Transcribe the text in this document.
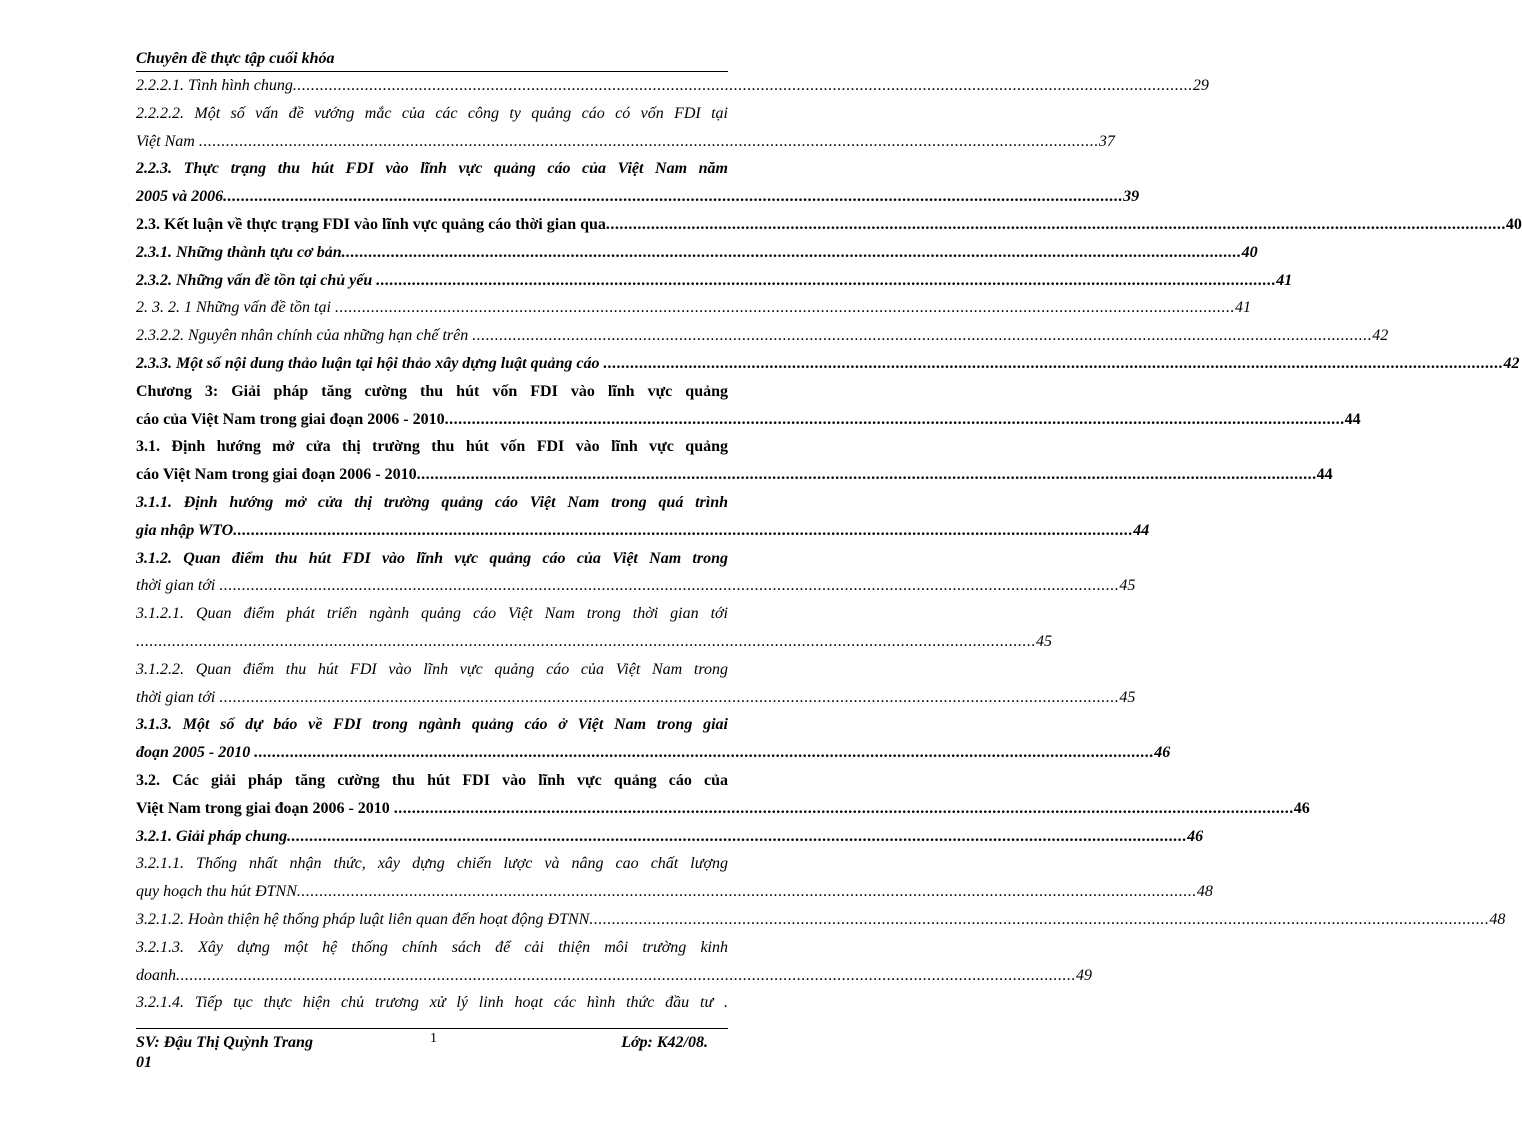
Chuyên đề thực tập cuối khóa
2.2.2.1. Tình hình chung ........................................................................................................................................................................................................ 29
2.2.2.2. Một số vấn đề vướng mắc của các công ty quảng cáo có vốn FDI tại
Việt Nam ........................................................................................................................................................................................................ 37
2.2.3. Thực trạng thu hút FDI vào lĩnh vực quảng cáo của Việt Nam năm
2005 và 2006 ........................................................................................................................................................................................................ 39
2.3. Kết luận về thực trạng FDI vào lĩnh vực quảng cáo thời gian qua ........................................................................................................................................................................................................ 40
2.3.1. Những thành tựu cơ bản ........................................................................................................................................................................................................ 40
2.3.2. Những vấn đề tồn tại chủ yếu ........................................................................................................................................................................................................ 41
2. 3. 2. 1 Những vấn đề tồn tại ........................................................................................................................................................................................................ 41
2.3.2.2. Nguyên nhân chính của những hạn chế trên ........................................................................................................................................................................................................ 42
2.3.3. Một số nội dung thảo luận tại hội thảo xây dựng luật quảng cáo ........................................................................................................................................................................................................ 42
Chương 3: Giải pháp tăng cường thu hút vốn FDI vào lĩnh vực quảng
cáo của Việt Nam trong giai đoạn 2006 - 2010 ........................................................................................................................................................................................................ 44
3.1. Định hướng mở cửa thị trường thu hút vốn FDI vào lĩnh vực quảng
cáo Việt Nam trong giai đoạn 2006 - 2010 ........................................................................................................................................................................................................ 44
3.1.1. Định hướng mở cửa thị trường quảng cáo Việt Nam trong quá trình
gia nhập WTO ........................................................................................................................................................................................................ 44
3.1.2. Quan điểm thu hút FDI vào lĩnh vực quảng cáo của Việt Nam trong
thời gian tới ........................................................................................................................................................................................................ 45
3.1.2.1. Quan điểm phát triển ngành quảng cáo Việt Nam trong thời gian tới
........................................................................................................................................................................................................ 45
3.1.2.2. Quan điểm thu hút FDI vào lĩnh vực quảng cáo của Việt Nam trong
thời gian tới ........................................................................................................................................................................................................ 45
3.1.3. Một số dự báo về FDI trong ngành quảng cáo ở Việt Nam trong giai
đoạn 2005 - 2010 ........................................................................................................................................................................................................ 46
3.2. Các giải pháp tăng cường thu hút FDI vào lĩnh vực quảng cáo của
Việt Nam trong giai đoạn 2006 - 2010 ........................................................................................................................................................................................................ 46
3.2.1. Giải pháp chung ........................................................................................................................................................................................................ 46
3.2.1.1. Thống nhất nhận thức, xây dựng chiến lược và nâng cao chất lượng
quy hoạch thu hút ĐTNN ........................................................................................................................................................................................................ 48
3.2.1.2. Hoàn thiện hệ thống pháp luật liên quan đến hoạt động ĐTNN ........................................................................................................................................................................................................ 48
3.2.1.3. Xây dựng một hệ thống chính sách để cải thiện môi trường kinh
doanh ........................................................................................................................................................................................................ 49
3.2.1.4. Tiếp tục thực hiện chủ trương xử lý linh hoạt các hình thức đầu tư .
SV: Đậu Thị Quỳnh Trang
01
1	Lớp: K42/08.
